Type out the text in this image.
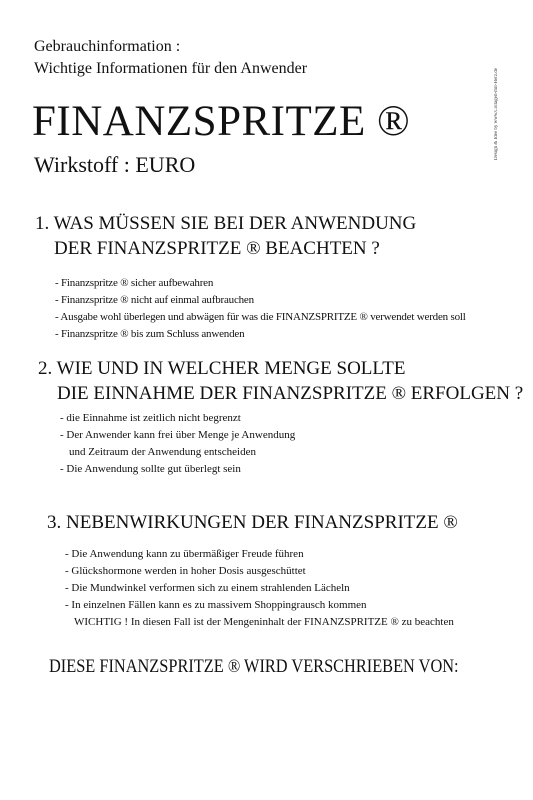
Gebrauchinformation :
Wichtige Informationen für den Anwender
FINANZSPRITZE ®
Wirkstoff : EURO
Design & Idee by www.Collagen-mit-Herz.de
1. WAS MÜSSEN SIE BEI DER ANWENDUNG
DER FINANZSPRITZE ® BEACHTEN ?
- Finanzspritze ® sicher aufbewahren
- Finanzspritze ® nicht auf einmal aufbrauchen
- Ausgabe wohl überlegen und abwägen für was die FINANZSPRITZE ® verwendet werden soll
- Finanzspritze ® bis zum Schluss anwenden
2. WIE UND IN WELCHER MENGE SOLLTE
DIE EINNAHME DER FINANZSPRITZE ® ERFOLGEN ?
- die Einnahme ist zeitlich nicht begrenzt
- Der Anwender kann frei über Menge je Anwendung
und Zeitraum der Anwendung entscheiden
- Die Anwendung sollte gut überlegt sein
3. NEBENWIRKUNGEN DER FINANZSPRITZE ®
- Die Anwendung kann zu übermäßiger Freude führen
- Glückshormone werden in hoher Dosis ausgeschüttet
- Die Mundwinkel verformen sich zu einem strahlenden Lächeln
- In einzelnen Fällen kann es zu massivem Shoppingrausch kommen
WICHTIG ! In diesen Fall ist der Mengeninhalt der FINANZSPRITZE ® zu beachten
DIESE FINANZSPRITZE ® WIRD VERSCHRIEBEN VON:
